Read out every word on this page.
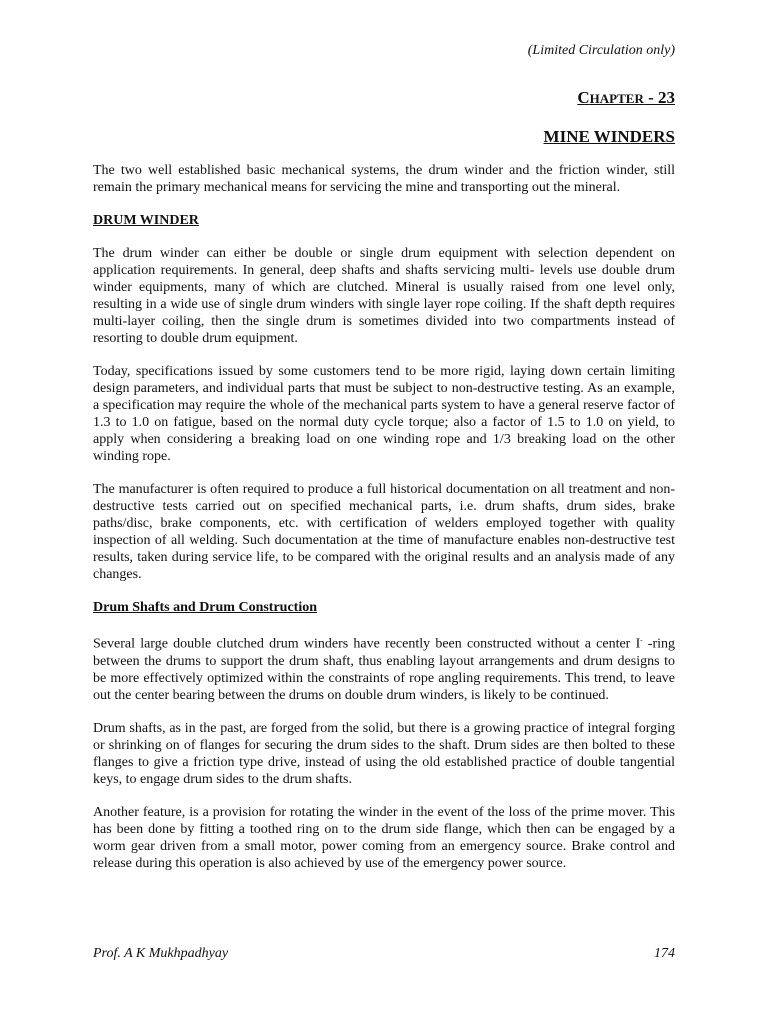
(Limited Circulation only)
CHAPTER - 23
MINE WINDERS

The two well established basic mechanical systems, the drum winder and the friction winder, still remain the primary mechanical means for servicing the mine and transporting out the mineral.

DRUM WINDER

The drum winder can either be double or single drum equipment with selection dependent on application requirements. In general, deep shafts and shafts servicing multi- levels use double drum winder equipments, many of which are clutched. Mineral is usually raised from one level only, resulting in a wide use of single drum winders with single layer rope coiling. If the shaft depth requires multi-layer coiling, then the single drum is sometimes divided into two compartments instead of resorting to double drum equipment.

Today, specifications issued by some customers tend to be more rigid, laying down certain limiting design parameters, and individual parts that must be subject to non-destructive testing. As an example, a specification may require the whole of the mechanical parts system to have a general reserve factor of 1.3 to 1.0 on fatigue, based on the normal duty cycle torque; also a factor of 1.5 to 1.0 on yield, to apply when considering a breaking load on one winding rope and 1/3 breaking load on the other winding rope.

The manufacturer is often required to produce a full historical documentation on all treatment and non-destructive tests carried out on specified mechanical parts, i.e. drum shafts, drum sides, brake paths/disc, brake components, etc. with certification of welders employed together with quality inspection of all welding. Such documentation at the time of manufacture enables non-destructive test results, taken during service life, to be compared with the original results and an analysis made of any changes.

Drum Shafts and Drum Construction

Several large double clutched drum winders have recently been constructed without a center I- -ring between the drums to support the drum shaft, thus enabling layout arrangements and drum designs to be more effectively optimized within the constraints of rope angling requirements. This trend, to leave out the center bearing between the drums on double drum winders, is likely to be continued.

Drum shafts, as in the past, are forged from the solid, but there is a growing practice of integral forging or shrinking on of flanges for securing the drum sides to the shaft. Drum sides are then bolted to these flanges to give a friction type drive, instead of using the old established practice of double tangential keys, to engage drum sides to the drum shafts.

Another feature, is a provision for rotating the winder in the event of the loss of the prime mover. This has been done by fitting a toothed ring on to the drum side flange, which then can be engaged by a worm gear driven from a small motor, power coming from an emergency source. Brake control and release during this operation is also achieved by use of the emergency power source.

Prof. A K Mukhpadhyay	174
